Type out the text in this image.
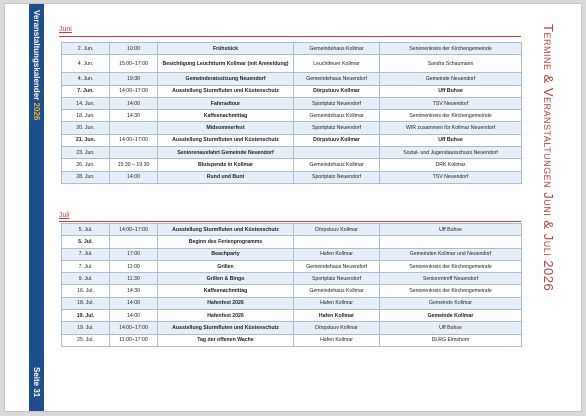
Veranstaltungskalender 2026
Seite 31
Termine & Veranstaltungen Juni & Juli 2026
Juni
2. Jun.	10:00	Frühstück	Gemeindehaus Kollmar	Seniorenkreis der Kirchengemeinde
4. Jun.	15:00–17:00	Besichtigung Leuchtturm Kollmar (mit Anmeldung)	Leuchtfeuer Kollmar	Sandra Schaumann
4. Jun.	19:30	Gemeinderatssitzung Neuendorf	Gemeindehaus Neuendorf	Gemeinde Neuendorf
7. Jun.	14:00–17:00	Ausstellung Sturmfluten und Küstenschutz	Dörpstuuv Kollmar	Uff Buhse
14. Jun.	14:00	Fahrradtour	Sportplatz Neuendorf	TSV Neuendorf
18. Jun.	14:30	Kaffeenachmittag	Gemeindehaus Kollmar	Seniorenkreis der Kirchengemeinde
20. Jun.		Midsommerfest	Sportplatz Neuendorf	WIR zusammen für Kollmar Neuendorf
21. Jun.	14:00–17:00	Ausstellung Sturmfluten und Küstenschutz	Dörpstuuv Kollmar	Uff Buhse
23. Jun.		Seniorenausfahrt Gemeinde Neuendorf		Sozial- und Jugendausschuss Neuendorf
26. Jun.	15:30 – 19:30	Blutspende in Kollmar	Gemeindehaus Kollmar	DRK Kollmar
28. Jun.	14:00	Rund und Bunt	Sportplatz Neuendorf	TSV Neuendorf
Juli
5. Jul.	14:00–17:00	Ausstellung Sturmfluten und Küstenschutz	Dörpstuuv Kollmar	Uff Buhse
5. Jul.		Beginn des Ferienprogramms		
7. Jul.	17:00	Beachparty	Hafen Kollmar	Gemeinden Kollmar und Neuendorf
7. Jul.	11:00	Grillen	Gemeindehaus Neuendorf	Seniorenkreis der Kirchengemeinde
9. Jul.	11:30	Grillen & Bingo	Sportplatz Neuendorf	Seniorentreff Neuendorf
16. Jul.	14:30	Kaffeenachmittag	Gemeindehaus Kollmar	Seniorenkreis der Kirchengemeinde
18. Jul.	14:00	Hafenfest 2026	Hafen Kollmar	Gemeinde Kollmar
19. Jul.	14:00	Hafenfest 2026	Hafen Kollmar	Gemeinde Kollmar
19. Jul.	14:00–17:00	Ausstellung Sturmfluten und Küstenschutz	Dörpstuuv Kollmar	Uff Buhse
25. Jul.	11:00–17:00	Tag der offenen Wache	Hafen Kollmar	DLRG Elmshorn
